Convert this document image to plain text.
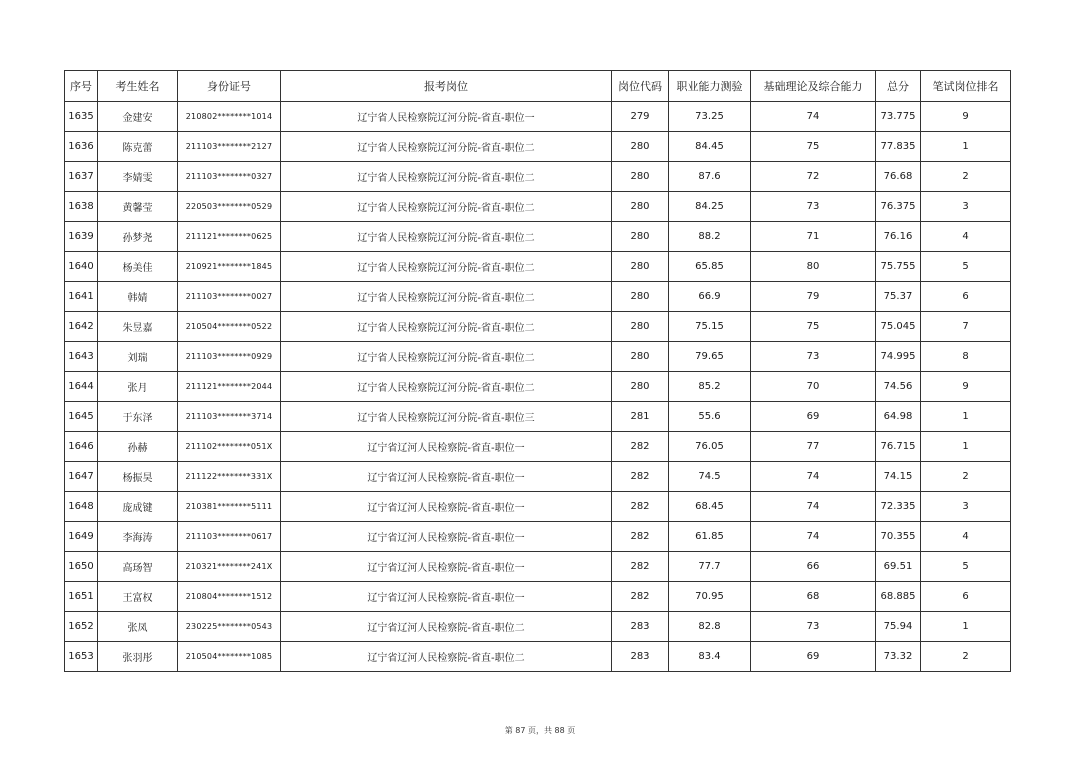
序号	考生姓名	身份证号	报考岗位	岗位代码	职业能力测验	基础理论及综合能力	总分	笔试岗位排名
1635	金建安	210802********1014	辽宁省人民检察院辽河分院-省直-职位一	279	73.25	74	73.775	9
1636	陈克蕾	211103********2127	辽宁省人民检察院辽河分院-省直-职位二	280	84.45	75	77.835	1
1637	李婧雯	211103********0327	辽宁省人民检察院辽河分院-省直-职位二	280	87.6	72	76.68	2
1638	黄馨莹	220503********0529	辽宁省人民检察院辽河分院-省直-职位二	280	84.25	73	76.375	3
1639	孙梦尧	211121********0625	辽宁省人民检察院辽河分院-省直-职位二	280	88.2	71	76.16	4
1640	杨美佳	210921********1845	辽宁省人民检察院辽河分院-省直-职位二	280	65.85	80	75.755	5
1641	韩婧	211103********0027	辽宁省人民检察院辽河分院-省直-职位二	280	66.9	79	75.37	6
1642	朱昱嘉	210504********0522	辽宁省人民检察院辽河分院-省直-职位二	280	75.15	75	75.045	7
1643	刘瑞	211103********0929	辽宁省人民检察院辽河分院-省直-职位二	280	79.65	73	74.995	8
1644	张月	211121********2044	辽宁省人民检察院辽河分院-省直-职位二	280	85.2	70	74.56	9
1645	于东泽	211103********3714	辽宁省人民检察院辽河分院-省直-职位三	281	55.6	69	64.98	1
1646	孙赫	211102********051X	辽宁省辽河人民检察院-省直-职位一	282	76.05	77	76.715	1
1647	杨振昊	211122********331X	辽宁省辽河人民检察院-省直-职位一	282	74.5	74	74.15	2
1648	庞成键	210381********5111	辽宁省辽河人民检察院-省直-职位一	282	68.45	74	72.335	3
1649	李海涛	211103********0617	辽宁省辽河人民检察院-省直-职位一	282	61.85	74	70.355	4
1650	高玚智	210321********241X	辽宁省辽河人民检察院-省直-职位一	282	77.7	66	69.51	5
1651	王富权	210804********1512	辽宁省辽河人民检察院-省直-职位一	282	70.95	68	68.885	6
1652	张凤	230225********0543	辽宁省辽河人民检察院-省直-职位二	283	82.8	73	75.94	1
1653	张羽彤	210504********1085	辽宁省辽河人民检察院-省直-职位二	283	83.4	69	73.32	2
第 87 页，共 88 页
